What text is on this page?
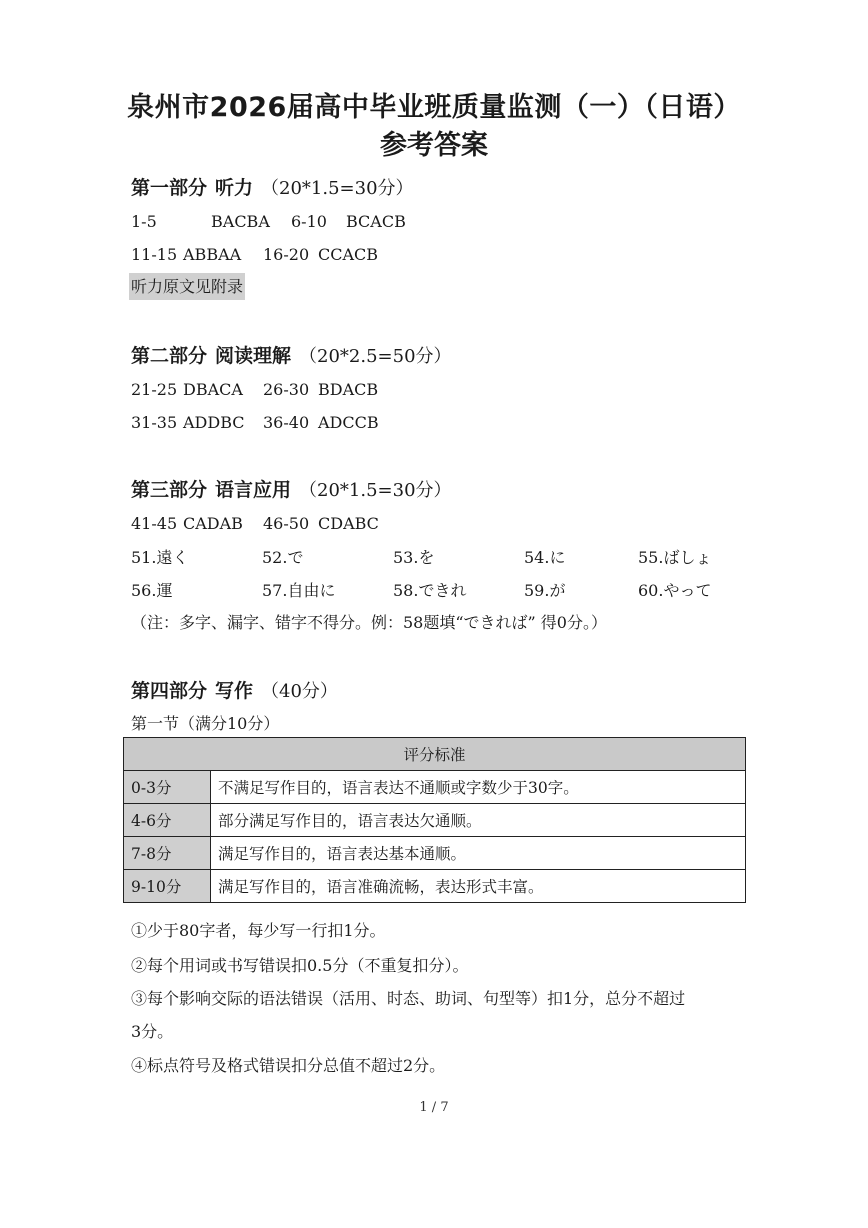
泉州市2026届高中毕业班质量监测（一）（日语）
参考答案
第一部分 听力 （20*1.5=30分）
1-5	BACBA 6-10 BCACB
11-15 ABBAA 16-20 CCACB
听力原文见附录
第二部分 阅读理解 （20*2.5=50分）
21-25 DBACA 26-30 BDACB
31-35 ADDBC 36-40 ADCCB
第三部分 语言应用 （20*1.5=30分）
41-45 CADAB 46-50 CDABC
51.遠く	52.で	53.を	54.に	55.ばしょ
56.運	57.自由に	58.できれ	59.が	60.やって
（注：多字、漏字、错字不得分。例：58题填“できれば” 得0分。）
第四部分 写作 （40分）
第一节（满分10分）
评分标准	
0-3分	不满足写作目的，语言表达不通顺或字数少于30字。
4-6分	部分满足写作目的，语言表达欠通顺。
7-8分	满足写作目的，语言表达基本通顺。
9-10分	满足写作目的，语言准确流畅，表达形式丰富。
①少于80字者，每少写一行扣1分。
②每个用词或书写错误扣0.5分（不重复扣分）。
③每个影响交际的语法错误（活用、时态、助词、句型等）扣1分，总分不超过
3分。
④标点符号及格式错误扣分总值不超过2分。
1 / 7
